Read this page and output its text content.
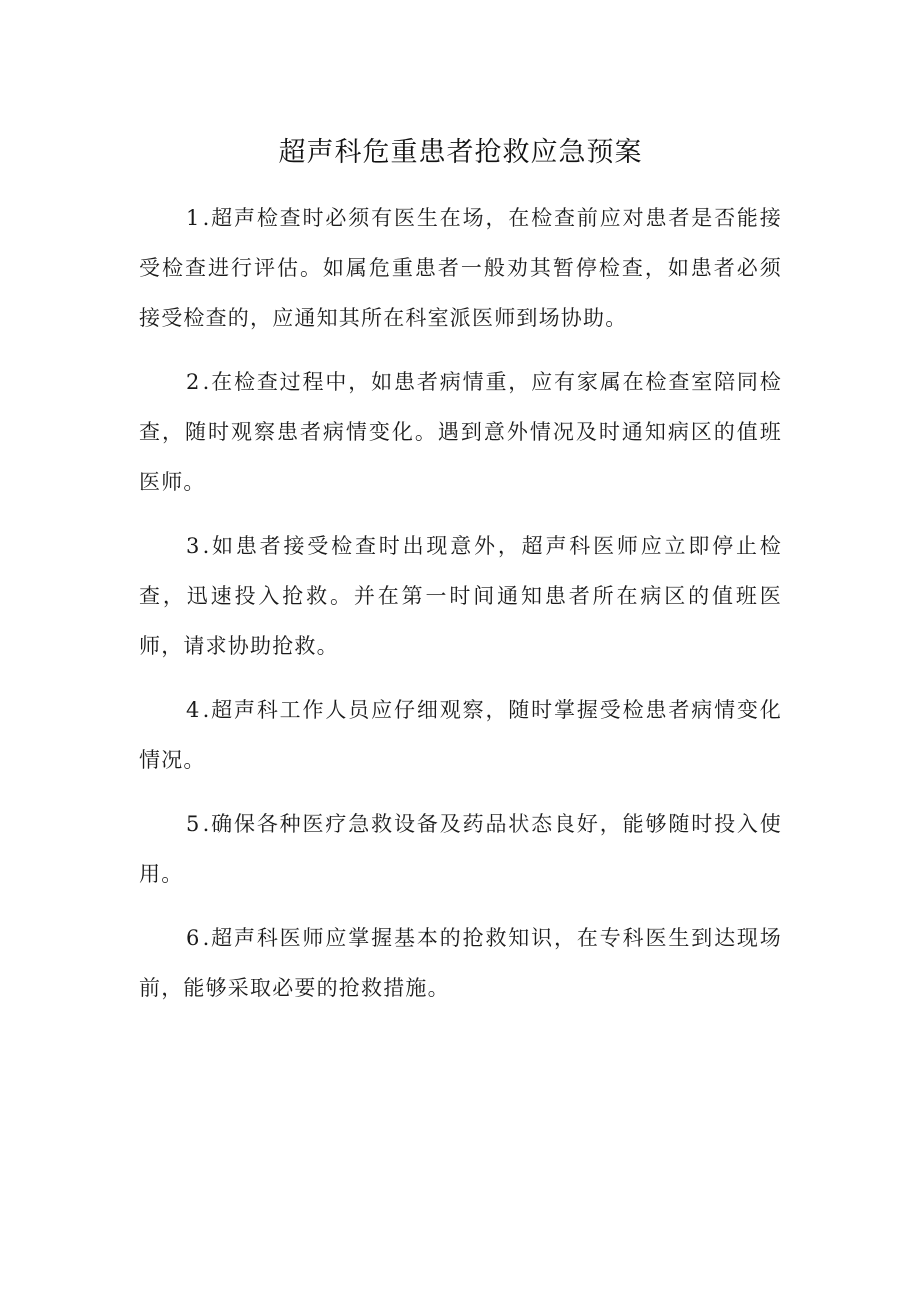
超声科危重患者抢救应急预案

1.超声检查时必须有医生在场，在检查前应对患者是否能接受检查进行评估。如属危重患者一般劝其暂停检查，如患者必须接受检查的，应通知其所在科室派医师到场协助。

2.在检查过程中，如患者病情重，应有家属在检查室陪同检查，随时观察患者病情变化。遇到意外情况及时通知病区的值班医师。

3.如患者接受检查时出现意外，超声科医师应立即停止检查，迅速投入抢救。并在第一时间通知患者所在病区的值班医师，请求协助抢救。

4.超声科工作人员应仔细观察，随时掌握受检患者病情变化情况。

5.确保各种医疗急救设备及药品状态良好，能够随时投入使用。

6.超声科医师应掌握基本的抢救知识，在专科医生到达现场前，能够采取必要的抢救措施。
